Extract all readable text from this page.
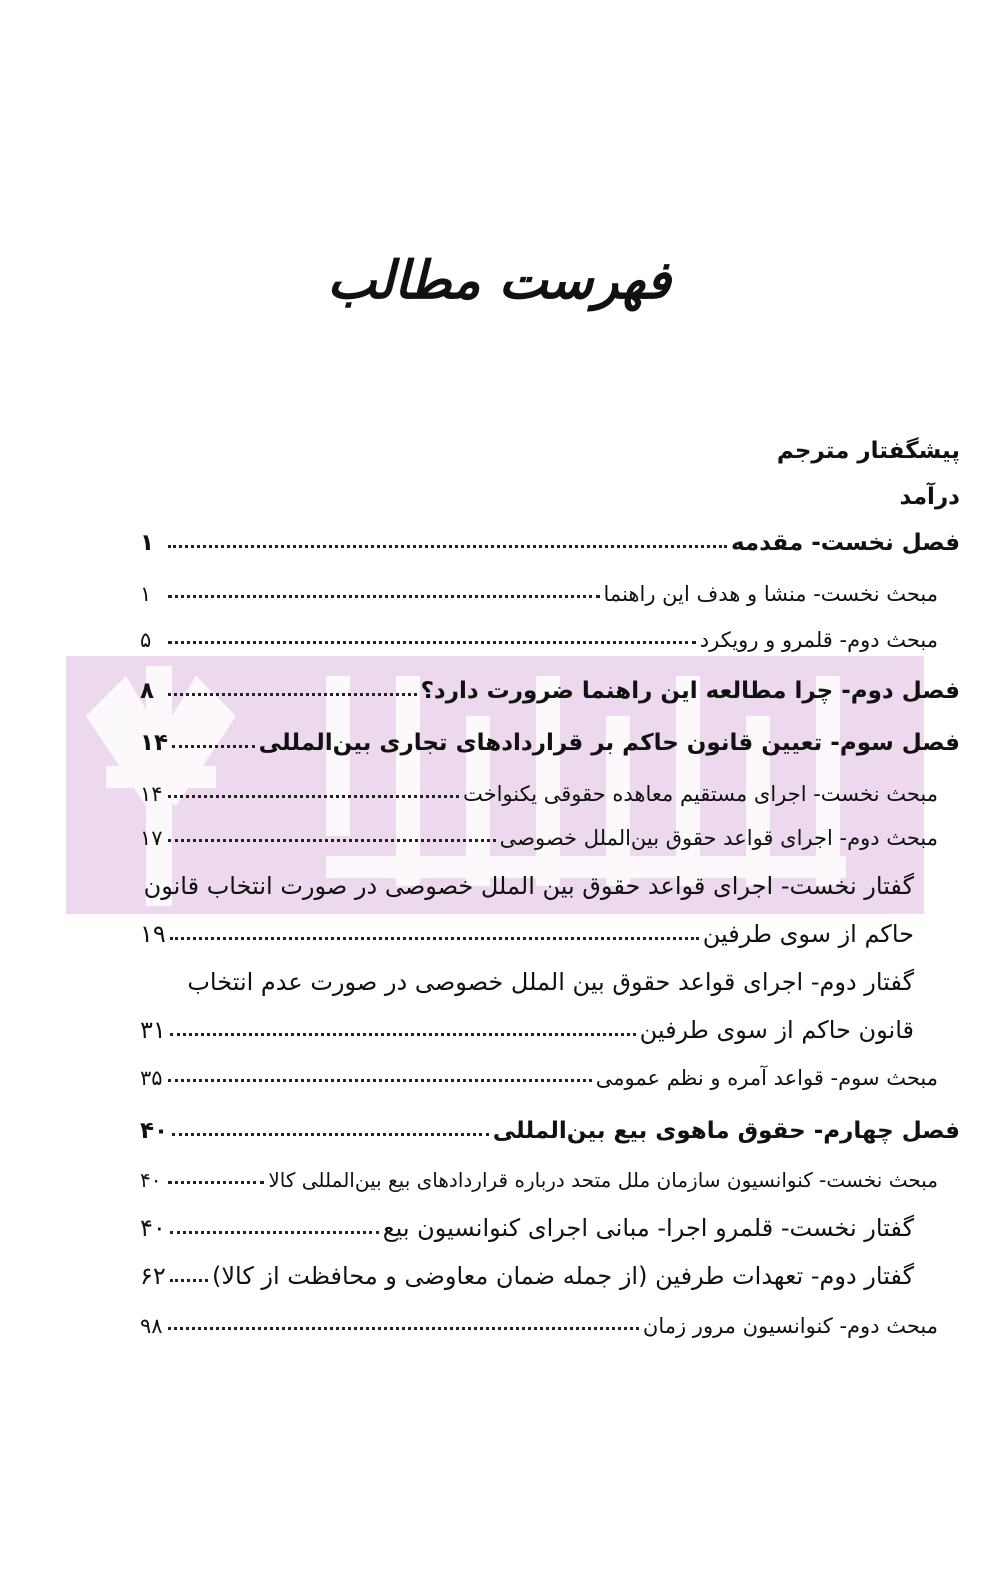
فهرست مطالب
پیشگفتار مترجم
درآمد
فصل نخست- مقدمه
۱
مبحث نخست- منشا و هدف این راهنما
۱
مبحث دوم- قلمرو و رویکرد
۵
فصل دوم- چرا مطالعه این راهنما ضرورت دارد؟
۸
فصل سوم- تعیین قانون حاکم بر قراردادهای تجاری بین‌المللی
۱۴
مبحث نخست- اجرای مستقیم معاهده حقوقی یکنواخت
۱۴
مبحث دوم- اجرای قواعد حقوق بین‌الملل خصوصی
۱۷
گفتار نخست- اجرای قواعد حقوق بین الملل خصوصی در صورت انتخاب قانون
حاکم از سوی طرفین
۱۹
گفتار دوم- اجرای قواعد حقوق بین الملل خصوصی در صورت عدم انتخاب
قانون حاکم از سوی طرفین
۳۱
مبحث سوم- قواعد آمره و نظم عمومی
۳۵
فصل چهارم- حقوق ماهوی بیع بین‌المللی
۴۰
مبحث نخست- کنوانسیون سازمان ملل متحد درباره قراردادهای بیع بین‌المللی کالا
۴۰
گفتار نخست- قلمرو اجرا- مبانی اجرای کنوانسیون بیع
۴۰
گفتار دوم- تعهدات طرفین (از جمله ضمان معاوضی و محافظت از کالا)
۶۲
مبحث دوم- کنوانسیون مرور زمان
۹۸
